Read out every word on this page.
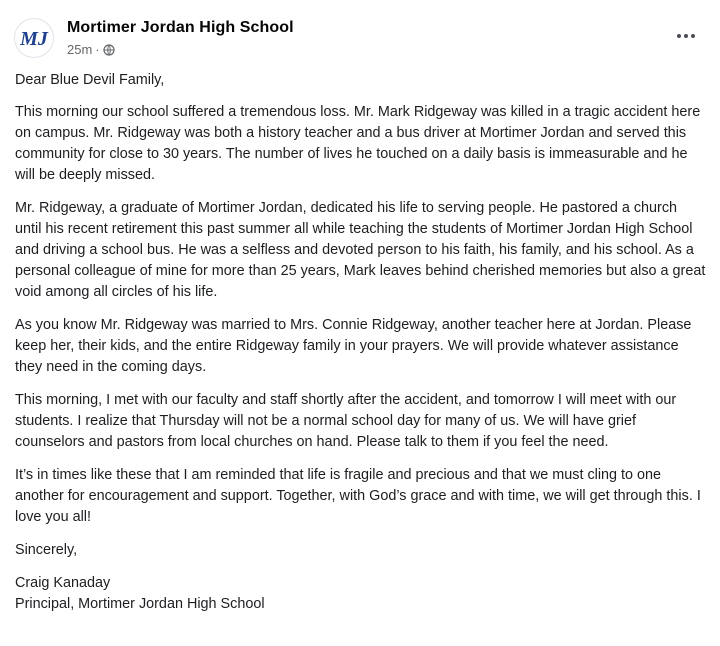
MJ
Mortimer Jordan High School
25m ·

Dear Blue Devil Family,

This morning our school suffered a tremendous loss. Mr. Mark Ridgeway was killed in a tragic accident here on campus. Mr. Ridgeway was both a history teacher and a bus driver at Mortimer Jordan and served this community for close to 30 years. The number of lives he touched on a daily basis is immeasurable and he will be deeply missed.

Mr. Ridgeway, a graduate of Mortimer Jordan, dedicated his life to serving people. He pastored a church until his recent retirement this past summer all while teaching the students of Mortimer Jordan High School and driving a school bus. He was a selfless and devoted person to his faith, his family, and his school. As a personal colleague of mine for more than 25 years, Mark leaves behind cherished memories but also a great void among all circles of his life.

As you know Mr. Ridgeway was married to Mrs. Connie Ridgeway, another teacher here at Jordan. Please keep her, their kids, and the entire Ridgeway family in your prayers. We will provide whatever assistance they need in the coming days.

This morning, I met with our faculty and staff shortly after the accident, and tomorrow I will meet with our students. I realize that Thursday will not be a normal school day for many of us. We will have grief counselors and pastors from local churches on hand. Please talk to them if you feel the need.

It’s in times like these that I am reminded that life is fragile and precious and that we must cling to one another for encouragement and support. Together, with God’s grace and with time, we will get through this. I love you all!

Sincerely,

Craig Kanaday

Principal, Mortimer Jordan High School
